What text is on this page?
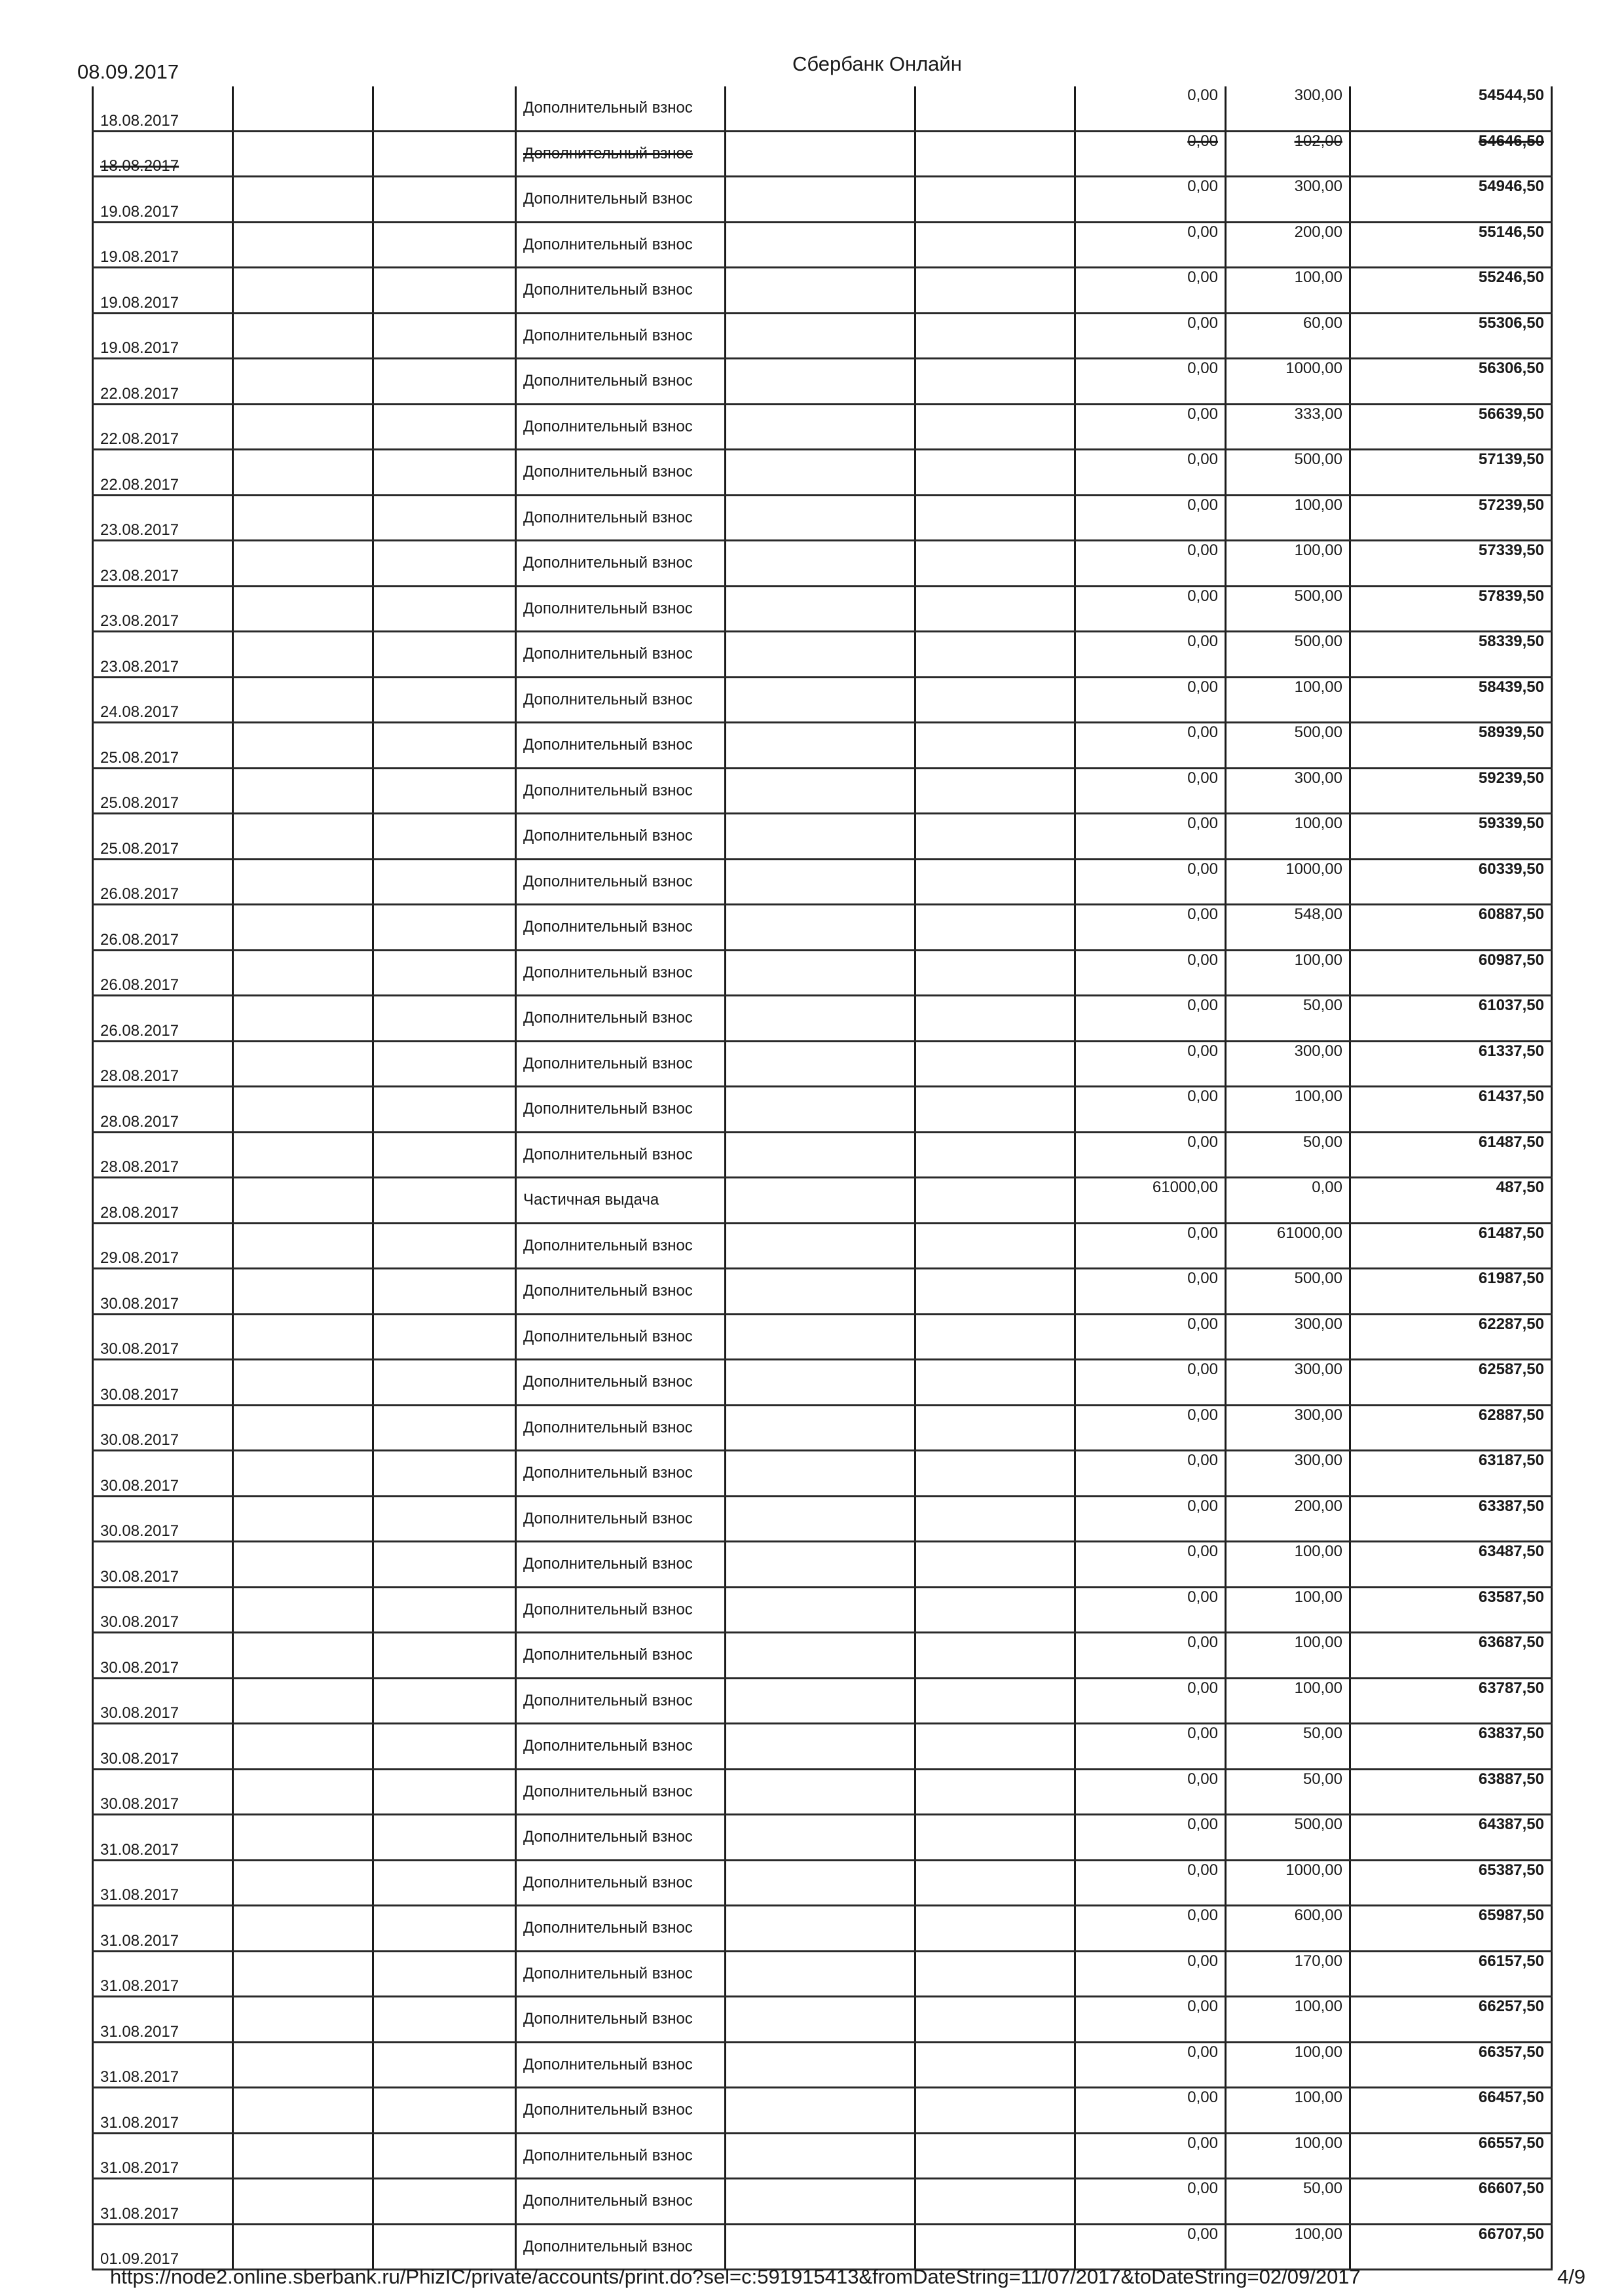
08.09.2017	Сбербанк Онлайн
18.08.2017			Дополнительный взнос			0,00	300,00	54544,50
18.08.2017			Дополнительный взнос			0,00	102,00	54646,50
19.08.2017			Дополнительный взнос			0,00	300,00	54946,50
19.08.2017			Дополнительный взнос			0,00	200,00	55146,50
19.08.2017			Дополнительный взнос			0,00	100,00	55246,50
19.08.2017			Дополнительный взнос			0,00	60,00	55306,50
22.08.2017			Дополнительный взнос			0,00	1000,00	56306,50
22.08.2017			Дополнительный взнос			0,00	333,00	56639,50
22.08.2017			Дополнительный взнос			0,00	500,00	57139,50
23.08.2017			Дополнительный взнос			0,00	100,00	57239,50
23.08.2017			Дополнительный взнос			0,00	100,00	57339,50
23.08.2017			Дополнительный взнос			0,00	500,00	57839,50
23.08.2017			Дополнительный взнос			0,00	500,00	58339,50
24.08.2017			Дополнительный взнос			0,00	100,00	58439,50
25.08.2017			Дополнительный взнос			0,00	500,00	58939,50
25.08.2017			Дополнительный взнос			0,00	300,00	59239,50
25.08.2017			Дополнительный взнос			0,00	100,00	59339,50
26.08.2017			Дополнительный взнос			0,00	1000,00	60339,50
26.08.2017			Дополнительный взнос			0,00	548,00	60887,50
26.08.2017			Дополнительный взнос			0,00	100,00	60987,50
26.08.2017			Дополнительный взнос			0,00	50,00	61037,50
28.08.2017			Дополнительный взнос			0,00	300,00	61337,50
28.08.2017			Дополнительный взнос			0,00	100,00	61437,50
28.08.2017			Дополнительный взнос			0,00	50,00	61487,50
28.08.2017			Частичная выдача			61000,00	0,00	487,50
29.08.2017			Дополнительный взнос			0,00	61000,00	61487,50
30.08.2017			Дополнительный взнос			0,00	500,00	61987,50
30.08.2017			Дополнительный взнос			0,00	300,00	62287,50
30.08.2017			Дополнительный взнос			0,00	300,00	62587,50
30.08.2017			Дополнительный взнос			0,00	300,00	62887,50
30.08.2017			Дополнительный взнос			0,00	300,00	63187,50
30.08.2017			Дополнительный взнос			0,00	200,00	63387,50
30.08.2017			Дополнительный взнос			0,00	100,00	63487,50
30.08.2017			Дополнительный взнос			0,00	100,00	63587,50
30.08.2017			Дополнительный взнос			0,00	100,00	63687,50
30.08.2017			Дополнительный взнос			0,00	100,00	63787,50
30.08.2017			Дополнительный взнос			0,00	50,00	63837,50
30.08.2017			Дополнительный взнос			0,00	50,00	63887,50
31.08.2017			Дополнительный взнос			0,00	500,00	64387,50
31.08.2017			Дополнительный взнос			0,00	1000,00	65387,50
31.08.2017			Дополнительный взнос			0,00	600,00	65987,50
31.08.2017			Дополнительный взнос			0,00	170,00	66157,50
31.08.2017			Дополнительный взнос			0,00	100,00	66257,50
31.08.2017			Дополнительный взнос			0,00	100,00	66357,50
31.08.2017			Дополнительный взнос			0,00	100,00	66457,50
31.08.2017			Дополнительный взнос			0,00	100,00	66557,50
31.08.2017			Дополнительный взнос			0,00	50,00	66607,50
01.09.2017			Дополнительный взнос			0,00	100,00	66707,50
https://node2.online.sberbank.ru/PhizIC/private/accounts/print.do?sel=c:591915413&fromDateString=11/07/2017&toDateString=02/09/2017	4/9
